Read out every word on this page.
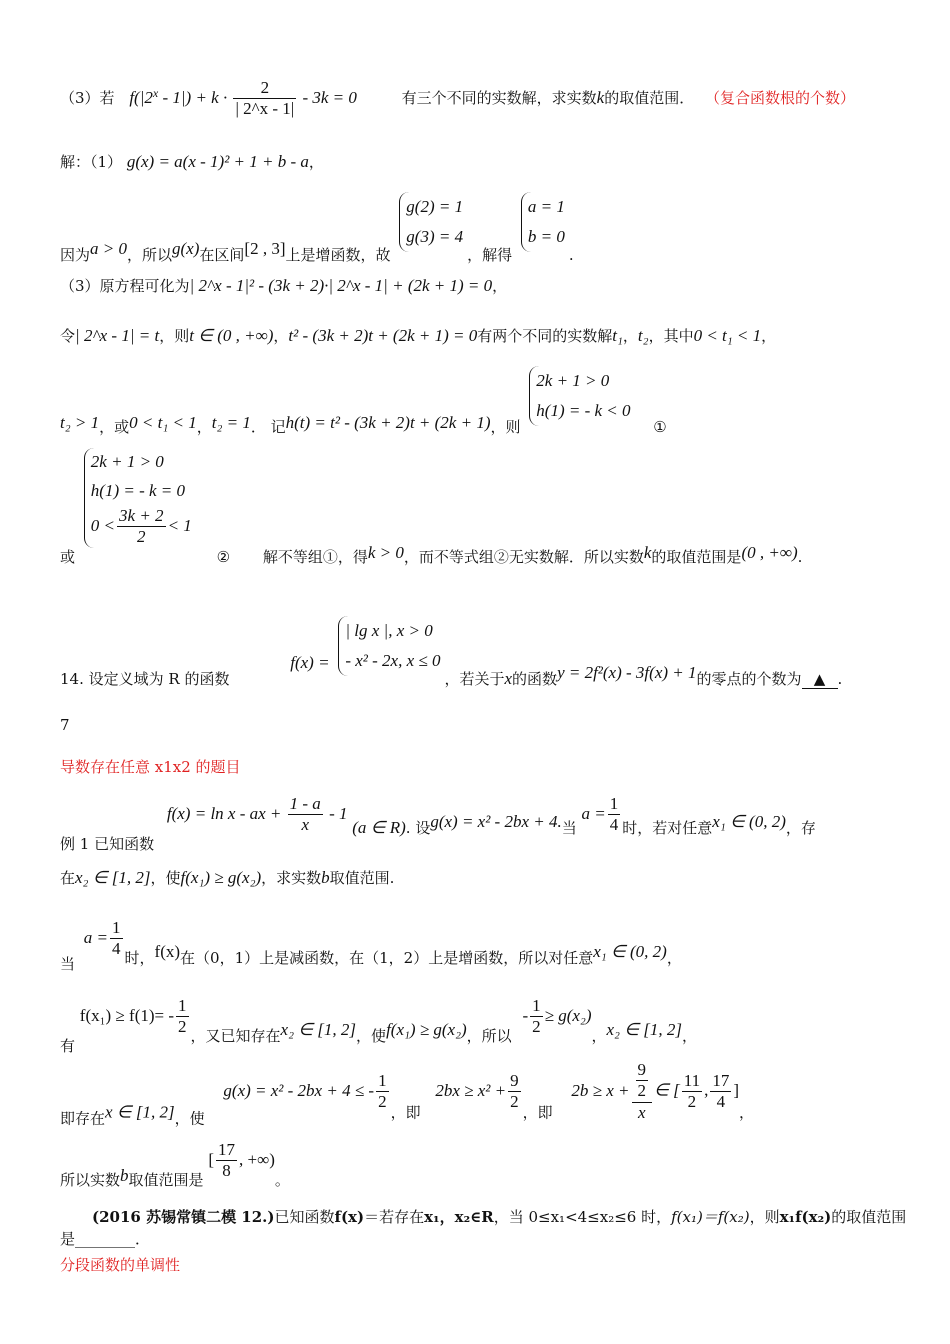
（3）若 $f(|2^x - 1|) + k \cdot \frac{2}{| 2\^{}x - 1|} - 3k = 0$	有三个不同的实数解，求实数k的取值范围． （复合函数根的个数）
解：（1） g(x) = a(x - 1)² + 1 + b - a，
因为a > 0，所以g(x)在区间[2 , 3]上是增函数，故
g(2) = 1
g(3) = 4
，解得
a = 1
b = 0
.
（3）原方程可化为| 2^x - 1|² - (3k + 2)·| 2^x - 1| + (2k + 1) = 0，
令| 2^x - 1| = t，则t ∈ (0 , +∞)，t² - (3k + 2)t + (2k + 1) = 0有两个不同的实数解t₁，t₂，其中0 < t₁ < 1，
t₂ > 1，或0 < t₁ < 1，t₂ = 1． 记h(t) = t² - (3k + 2)t + (2k + 1)，则
2k + 1 > 0
h(1) = - k < 0
①
或
2k + 1 > 0
h(1) = - k = 0
$0 < \frac{3k + 2}{2} < 1$
② 解不等组①，得k > 0，而不等式组②无实数解．所以实数k的取值范围是(0 , +∞).
14. 设定义域为 R 的函数 f(x) =
| lg x |, x > 0
- x² - 2x, x ≤ 0
，若关于x的函数y = 2f²(x) - 3f(x) + 1的零点的个数为 ▲ .
7
导数存在任意 x1x2 的题目
例 1 已知函数 f(x) = ln x - ax + $\frac{1 - a}{x} - 1$ (a ∈ R). 设g(x) = x² - 2bx + 4.当 $a = \frac{1}{4}$ 时，若对任意x₁ ∈ (0, 2)，存
在x₂ ∈ [1, 2]，使f(x₁) ≥ g(x₂)，求实数b取值范围.
当 $a = \frac{1}{4}$ 时，f(x)在（0，1）上是减函数，在（1，2）上是增函数，所以对任意x₁ ∈ (0, 2)，
有 $f(x_1) \ge f(1)= - \frac{1}{2}$ ，又已知存在x₂ ∈ [1, 2]，使f(x₁) ≥ g(x₂)，所以 - $\frac{1}{2} \ge g(x_2)$，x₂ ∈ [1, 2]，
即存在x ∈ [1, 2]，使 g(x) = x² - 2bx + 4 ≤ - $\frac{1}{2}$
，即 $2bx \ge x^2 + \frac{9}{2}$
，即 2b ≥ x + 9
2
x ∈ [ $\frac{11}{2}$ , $\frac{17}{4}$ ]，
所以实数b取值范围是 [ $\frac{17}{8}$ , +∞)。
(2016 苏锡常镇二模 12.)已知函数f(x)＝若存在x₁，x₂∈R，当 0≤x₁<4≤x₂≤6 时，f(x₁)＝f(x₂)，则x₁f(x₂)的取值范围
是________．
分段函数的单调性
